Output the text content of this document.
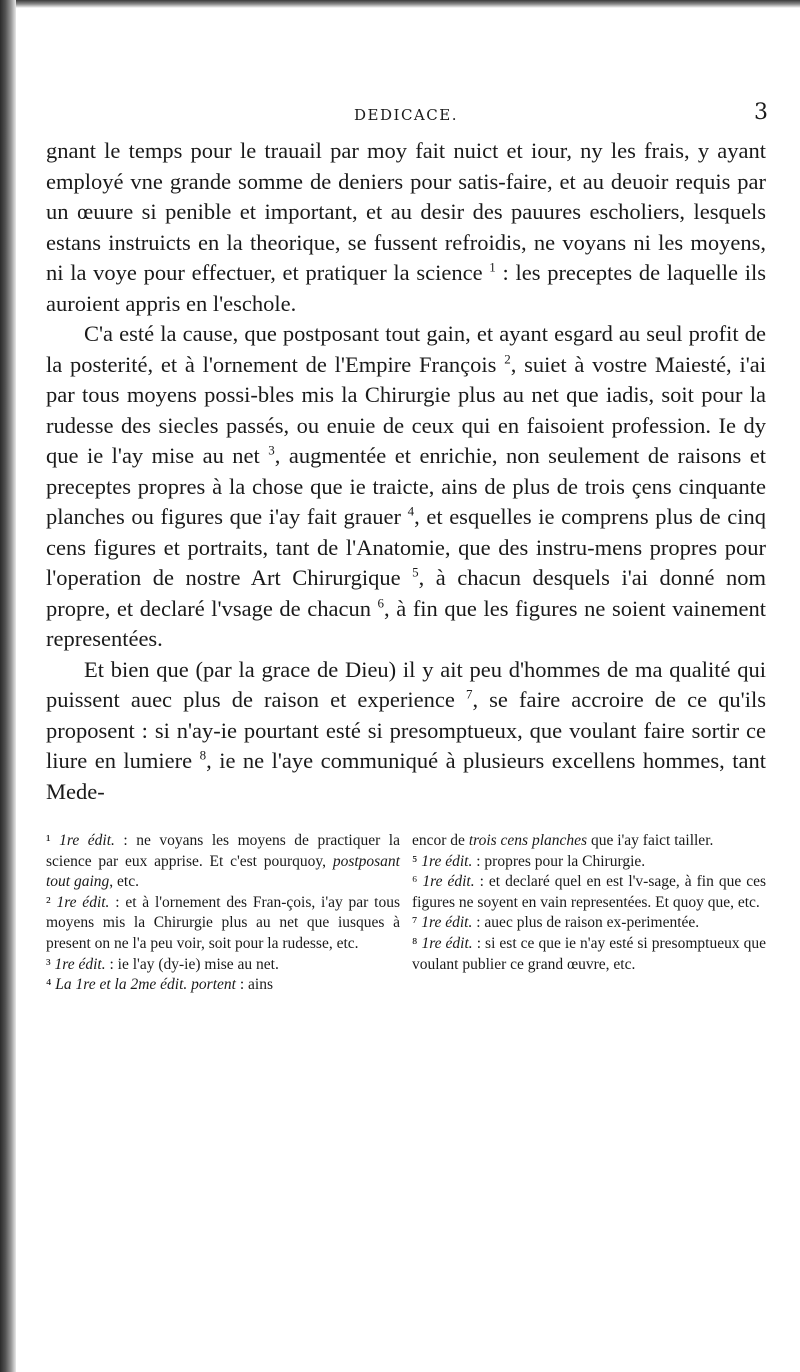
DEDICACE.	3

gnant le temps pour le trauail par moy fait nuict et iour, ny les frais, y ayant employé vne grande somme de deniers pour satis-faire, et au deuoir requis par un œuure si penible et important, et au desir des pauures escholiers, lesquels estans instruicts en la theorique, se fussent refroidis, ne voyans ni les moyens, ni la voye pour effectuer, et pratiquer la science $^1$ : les preceptes de laquelle ils auroient appris en l'eschole.

C'a esté la cause, que postposant tout gain, et ayant esgard au seul profit de la posterité, et à l'ornement de l'Empire François $^2$, suiet à vostre Maiesté, i'ai par tous moyens possi-bles mis la Chirurgie plus au net que iadis, soit pour la rudesse des siecles passés, ou enuie de ceux qui en faisoient profession. Ie dy que ie l'ay mise au net $^3$, augmentée et enrichie, non seulement de raisons et preceptes propres à la chose que ie traicte, ains de plus de trois çens cinquante planches ou figures que i'ay fait grauer $^4$, et esquelles ie comprens plus de cinq cens figures et portraits, tant de l'Anatomie, que des instru-mens propres pour l'operation de nostre Art Chirurgique $^5$, à chacun desquels i'ai donné nom propre, et declaré l'vsage de chacun $^6$, à fin que les figures ne soient vainement representées.

Et bien que (par la grace de Dieu) il y ait peu d'hommes de ma qualité qui puissent auec plus de raison et experience $^7$, se faire accroire de ce qu'ils proposent : si n'ay-ie pourtant esté si presomptueux, que voulant faire sortir ce liure en lumiere $^8$, ie ne l'aye communiqué à plusieurs excellens hommes, tant Mede-

¹ 1re édit. : ne voyans les moyens de practiquer la science par eux apprise. Et c'est pourquoy, postposant tout gaing, etc.

² 1re édit. : et à l'ornement des Fran-çois, i'ay par tous moyens mis la Chirurgie plus au net que iusques à present on ne l'a peu voir, soit pour la rudesse, etc.

³ 1re édit. : ie l'ay (dy-ie) mise au net.

⁴ La 1re et la 2me édit. portent : ains

encor de trois cens planches que i'ay faict tailler.

⁵ 1re édit. : propres pour la Chirurgie.

⁶ 1re édit. : et declaré quel en est l'v-sage, à fin que ces figures ne soyent en vain representées. Et quoy que, etc.

⁷ 1re édit. : auec plus de raison ex-perimentée.

⁸ 1re édit. : si est ce que ie n'ay esté si presomptueux que voulant publier ce grand œuvre, etc.
